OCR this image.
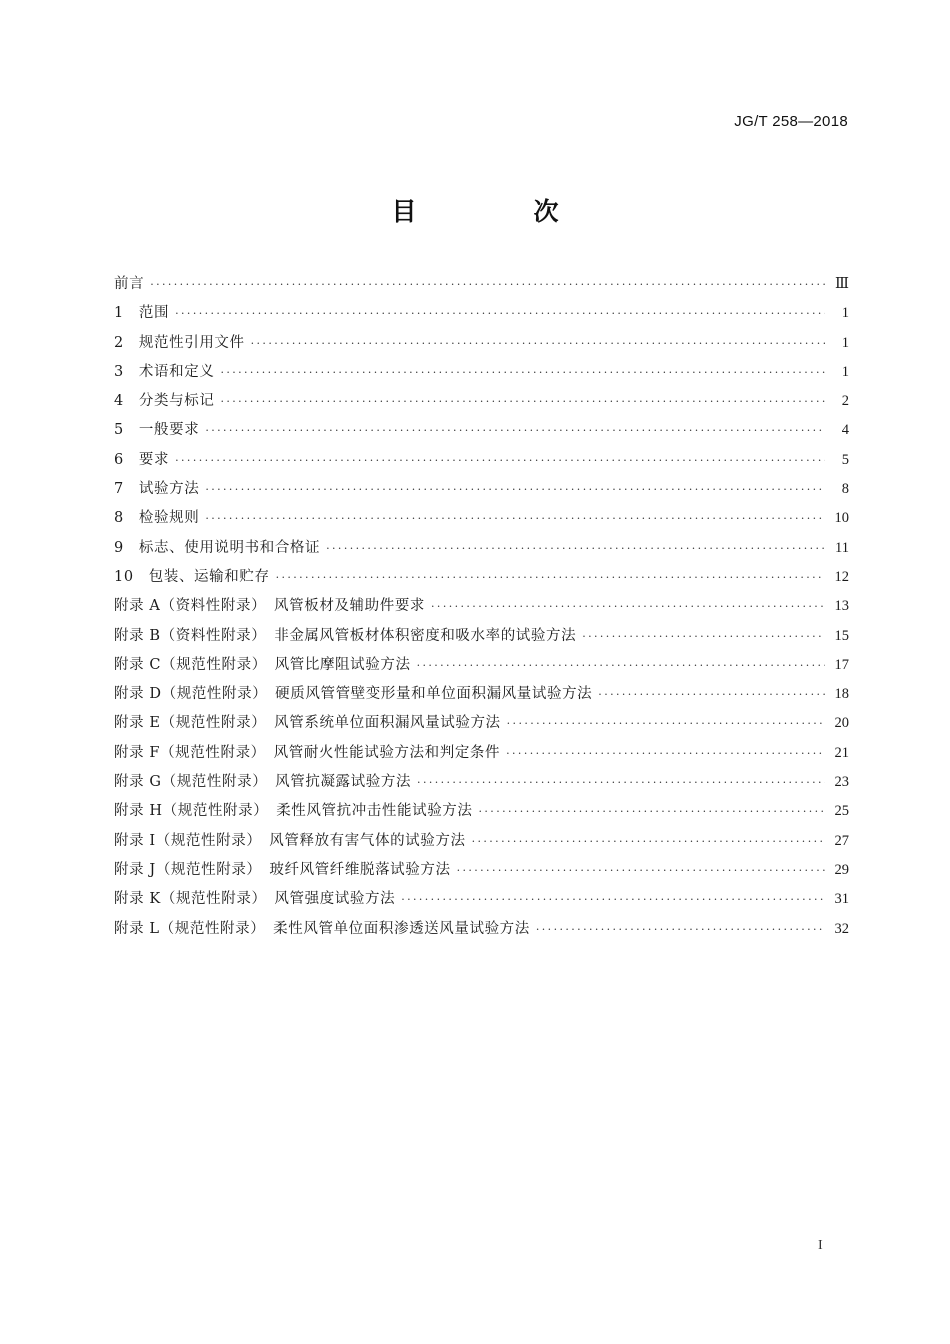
JG/T 258—2018
目　次
前言 ·····	Ⅲ
1　范围 ·····	1
2　规范性引用文件 ·····	1
3　术语和定义 ·····	1
4　分类与标记 ·····	2
5　一般要求 ·····	4
6　要求 ·····	5
7　试验方法 ·····	8
8　检验规则 ·····	10
9　标志、使用说明书和合格证 ·····	11
10　包装、运输和贮存 ·····	12
附录 A（资料性附录）　风管板材及辅助件要求 ·····	13
附录 B（资料性附录）　非金属风管板材体积密度和吸水率的试验方法 ·····	15
附录 C（规范性附录）　风管比摩阻试验方法 ·····	17
附录 D（规范性附录）　硬质风管管壁变形量和单位面积漏风量试验方法 ·····	18
附录 E（规范性附录）　风管系统单位面积漏风量试验方法 ·····	20
附录 F（规范性附录）　风管耐火性能试验方法和判定条件 ·····	21
附录 G（规范性附录）　风管抗凝露试验方法 ·····	23
附录 H（规范性附录）　柔性风管抗冲击性能试验方法 ·····	25
附录 I（规范性附录）　风管释放有害气体的试验方法 ·····	27
附录 J（规范性附录）　玻纤风管纤维脱落试验方法 ·····	29
附录 K（规范性附录）　风管强度试验方法 ·····	31
附录 L（规范性附录）　柔性风管单位面积渗透送风量试验方法 ·····	32
I
